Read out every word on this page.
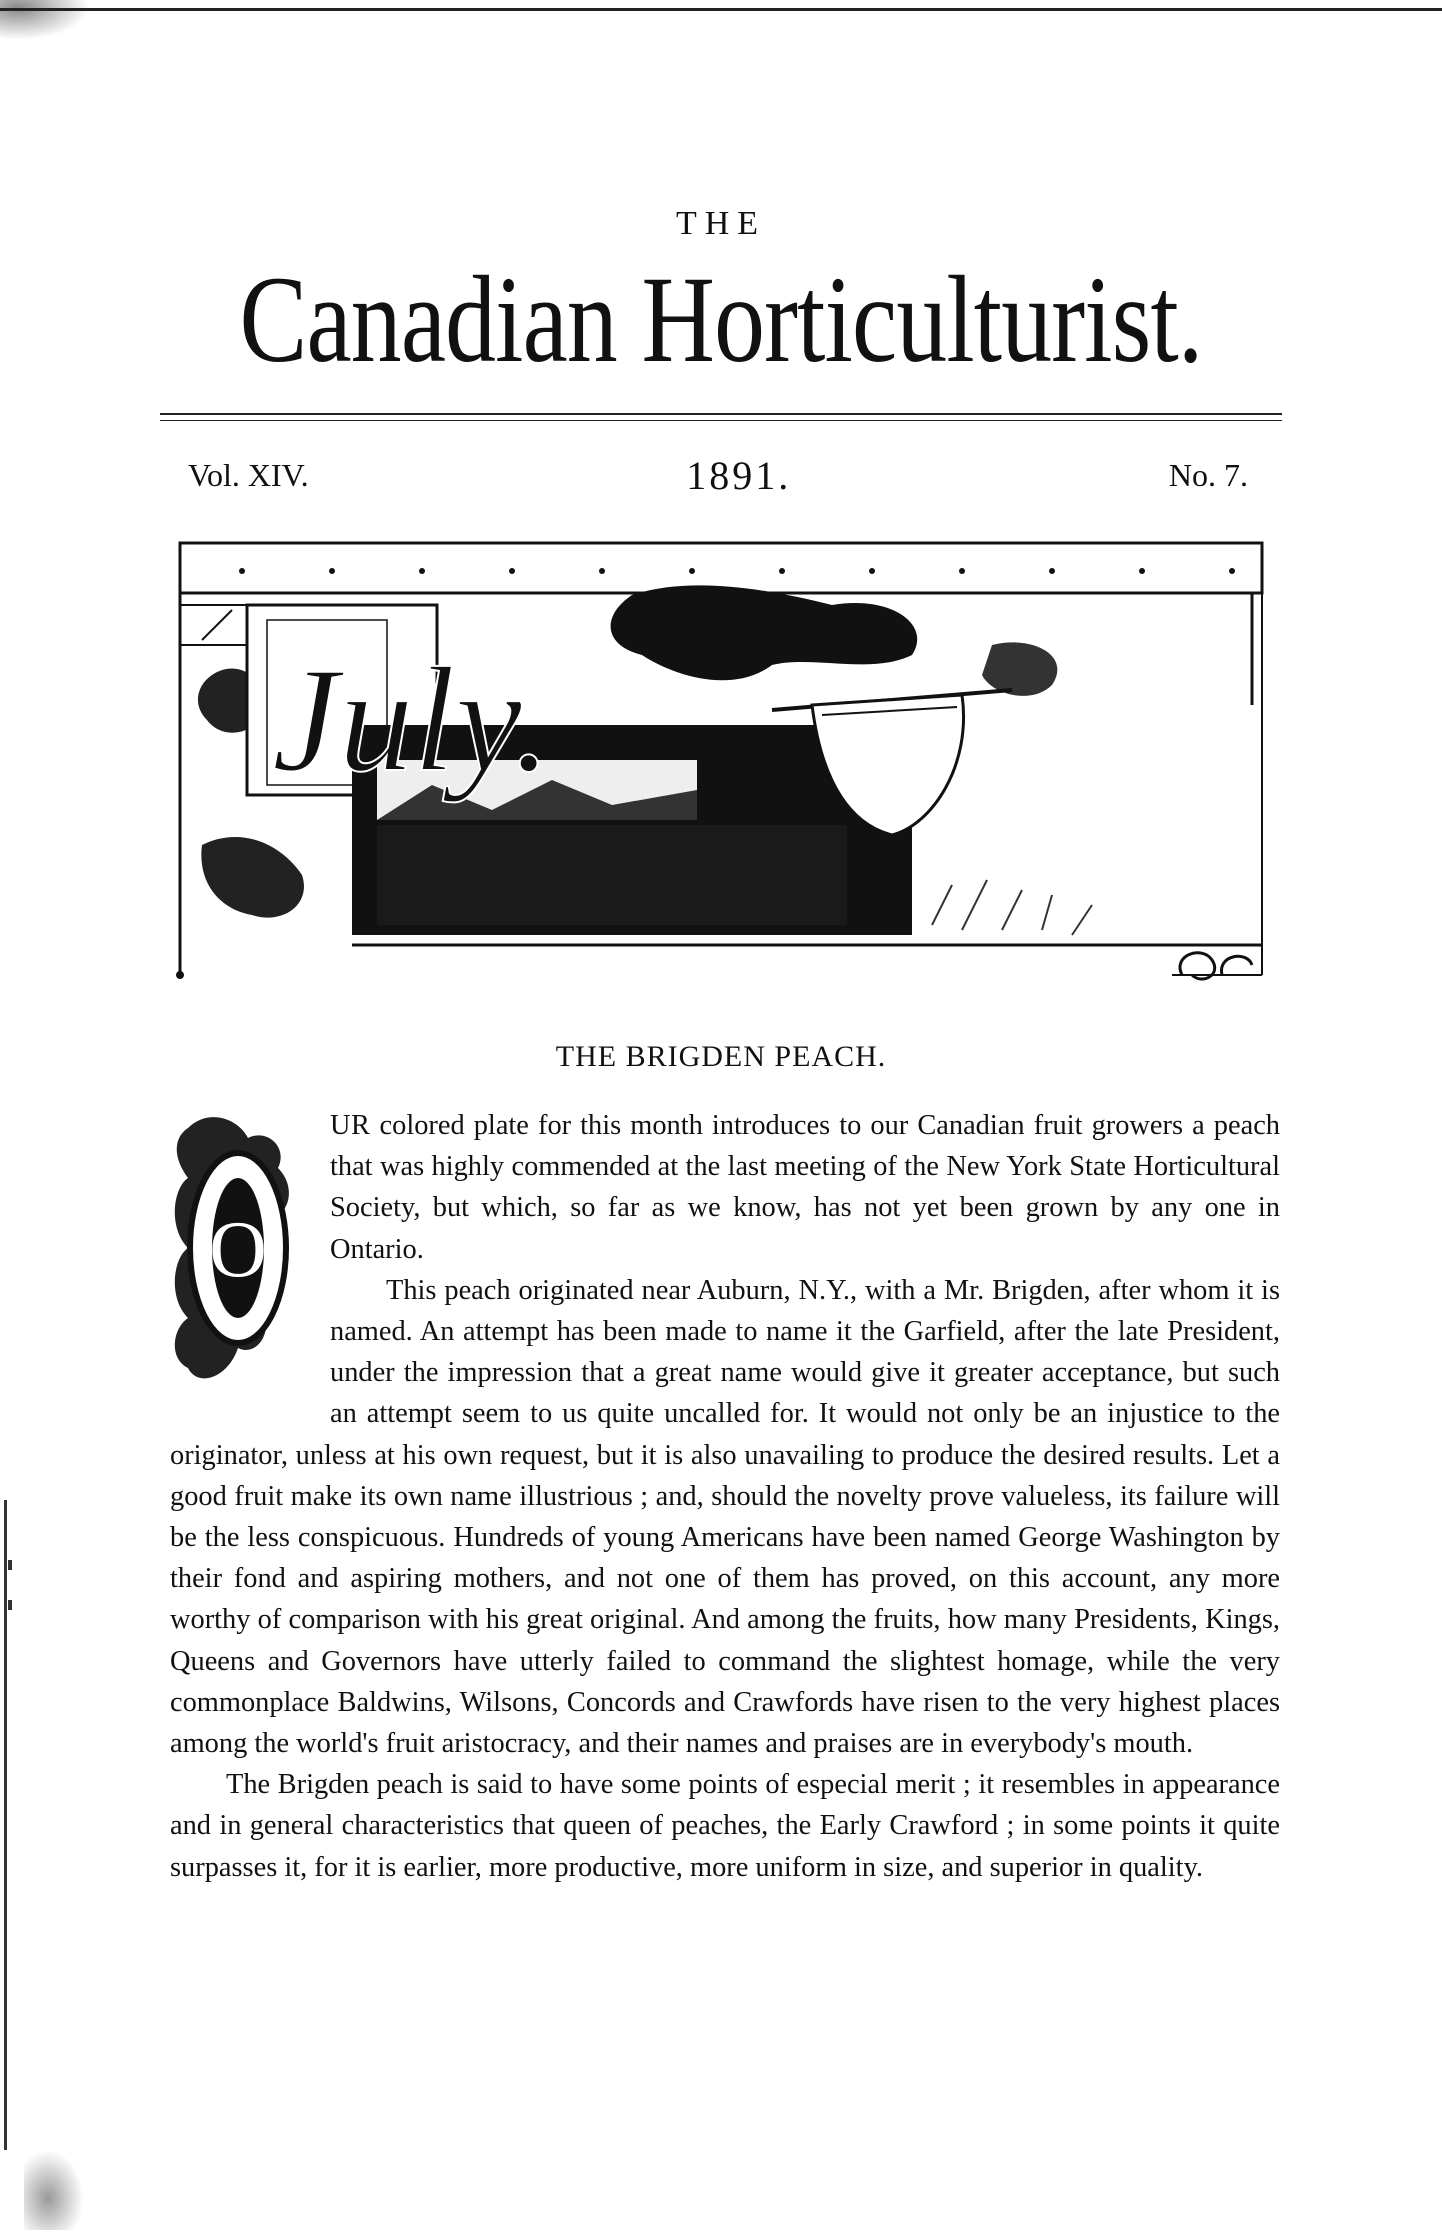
THE
Canadian Horticulturist.
Vol. XIV.	1891.	No. 7.
July.
THE BRIGDEN PEACH.
O

UR colored plate for this month introduces to our Canadian fruit growers a peach that was highly commended at the last meeting of the New York State Horticultural Society, but which, so far as we know, has not yet been grown by any one in Ontario.

This peach originated near Auburn, N.Y., with a Mr. Brigden, after whom it is named. An attempt has been made to name it the Garfield, after the late President, under the impression that a great name would give it greater acceptance, but such an attempt seem to us quite uncalled for. It would not only be an injustice to the originator, unless at his own request, but it is also unavailing to produce the desired results. Let a good fruit make its own name illustrious ; and, should the novelty prove valueless, its failure will be the less conspicuous. Hundreds of young Americans have been named George Washington by their fond and aspiring mothers, and not one of them has proved, on this account, any more worthy of comparison with his great original. And among the fruits, how many Presidents, Kings, Queens and Governors have utterly failed to command the slightest homage, while the very commonplace Baldwins, Wilsons, Concords and Crawfords have risen to the very highest places among the world's fruit aristocracy, and their names and praises are in everybody's mouth.

The Brigden peach is said to have some points of especial merit ; it resembles in appearance and in general characteristics that queen of peaches, the Early Crawford ; in some points it quite surpasses it, for it is earlier, more productive, more uniform in size, and superior in quality.
